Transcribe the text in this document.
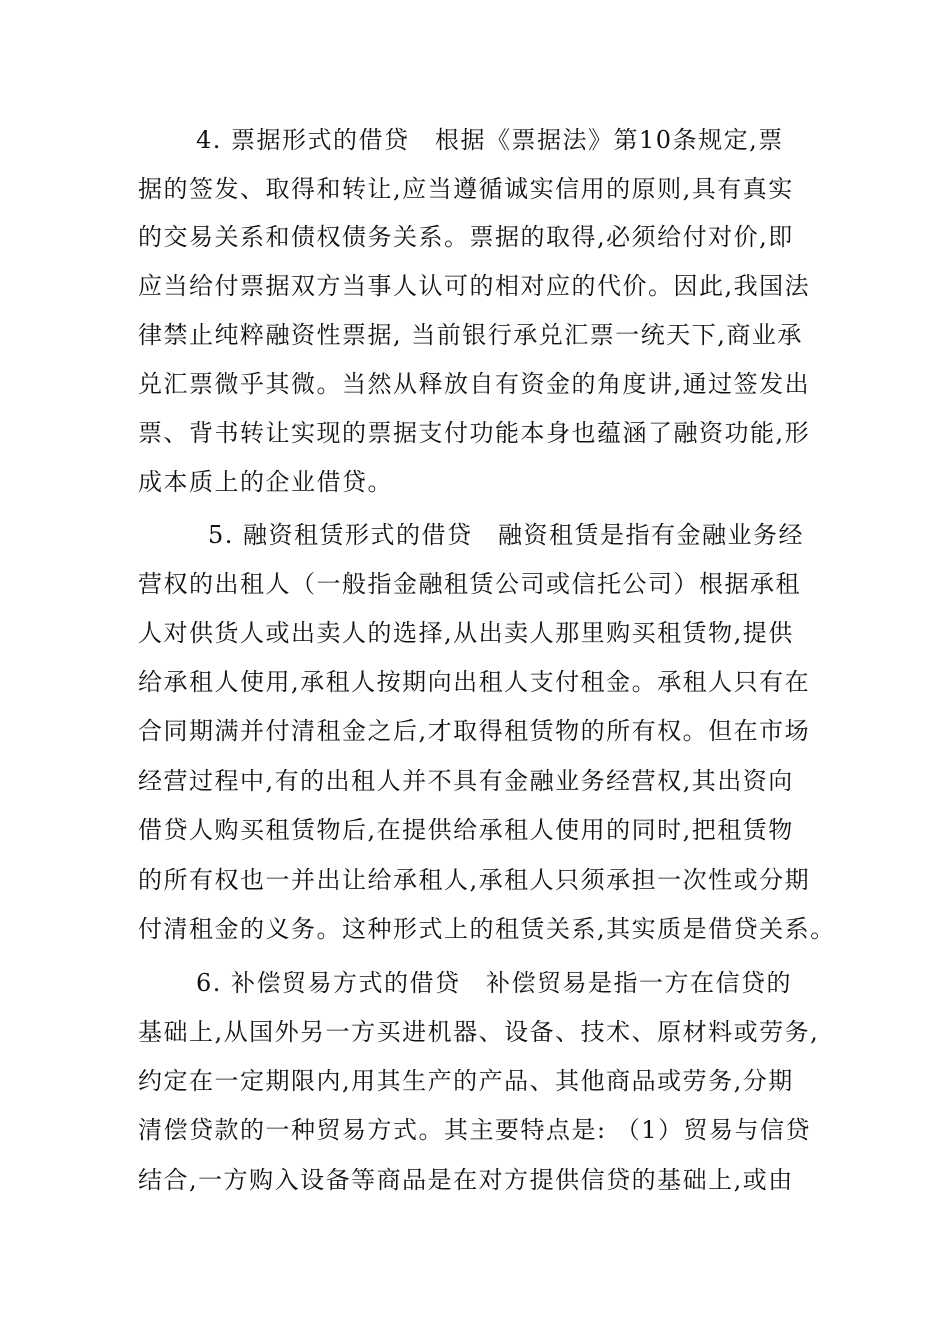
4. 票据形式的借贷　根据《票据法》第10条规定,票
据的签发、取得和转让,应当遵循诚实信用的原则,具有真实
的交易关系和债权债务关系。票据的取得,必须给付对价,即
应当给付票据双方当事人认可的相对应的代价。因此,我国法
律禁止纯粹融资性票据, 当前银行承兑汇票一统天下,商业承
兑汇票微乎其微。当然从释放自有资金的角度讲,通过签发出
票、背书转让实现的票据支付功能本身也蕴涵了融资功能,形
成本质上的企业借贷。
5. 融资租赁形式的借贷　融资租赁是指有金融业务经
营权的出租人（一般指金融租赁公司或信托公司）根据承租
人对供货人或出卖人的选择,从出卖人那里购买租赁物,提供
给承租人使用,承租人按期向出租人支付租金。承租人只有在
合同期满并付清租金之后,才取得租赁物的所有权。但在市场
经营过程中,有的出租人并不具有金融业务经营权,其出资向
借贷人购买租赁物后,在提供给承租人使用的同时,把租赁物
的所有权也一并出让给承租人,承租人只须承担一次性或分期
付清租金的义务。这种形式上的租赁关系,其实质是借贷关系。
6. 补偿贸易方式的借贷　补偿贸易是指一方在信贷的
基础上,从国外另一方买进机器、设备、技术、原材料或劳务,
约定在一定期限内,用其生产的产品、其他商品或劳务,分期
清偿贷款的一种贸易方式。其主要特点是: （1）贸易与信贷
结合,一方购入设备等商品是在对方提供信贷的基础上,或由
